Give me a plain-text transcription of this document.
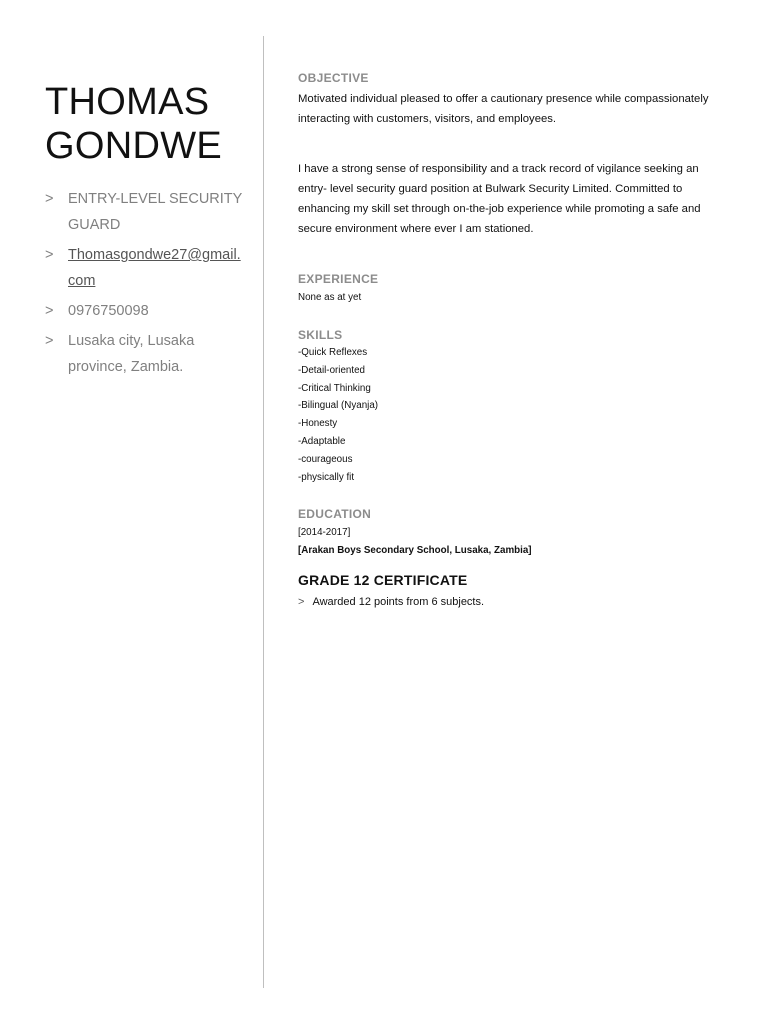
THOMAS
GONDWE
> ENTRY-LEVEL SECURITY GUARD
> Thomasgondwe27@gmail.com
> 0976750098
> Lusaka city, Lusaka province, Zambia.
OBJECTIVE

Motivated individual pleased to offer a cautionary presence while compassionately interacting with customers, visitors, and employees.

I have a strong sense of responsibility and a track record of vigilance seeking an entry- level security guard position at Bulwark Security Limited. Committed to enhancing my skill set through on-the-job experience while promoting a safe and secure environment where ever I am stationed.

EXPERIENCE

None as at yet

SKILLS
-Quick Reflexes
-Detail-oriented
-Critical Thinking
-Bilingual (Nyanja)
-Honesty
-Adaptable
-courageous
-physically fit
EDUCATION

[2014-2017]

[Arakan Boys Secondary School, Lusaka, Zambia]

GRADE 12 CERTIFICATE

> Awarded 12 points from 6 subjects.
